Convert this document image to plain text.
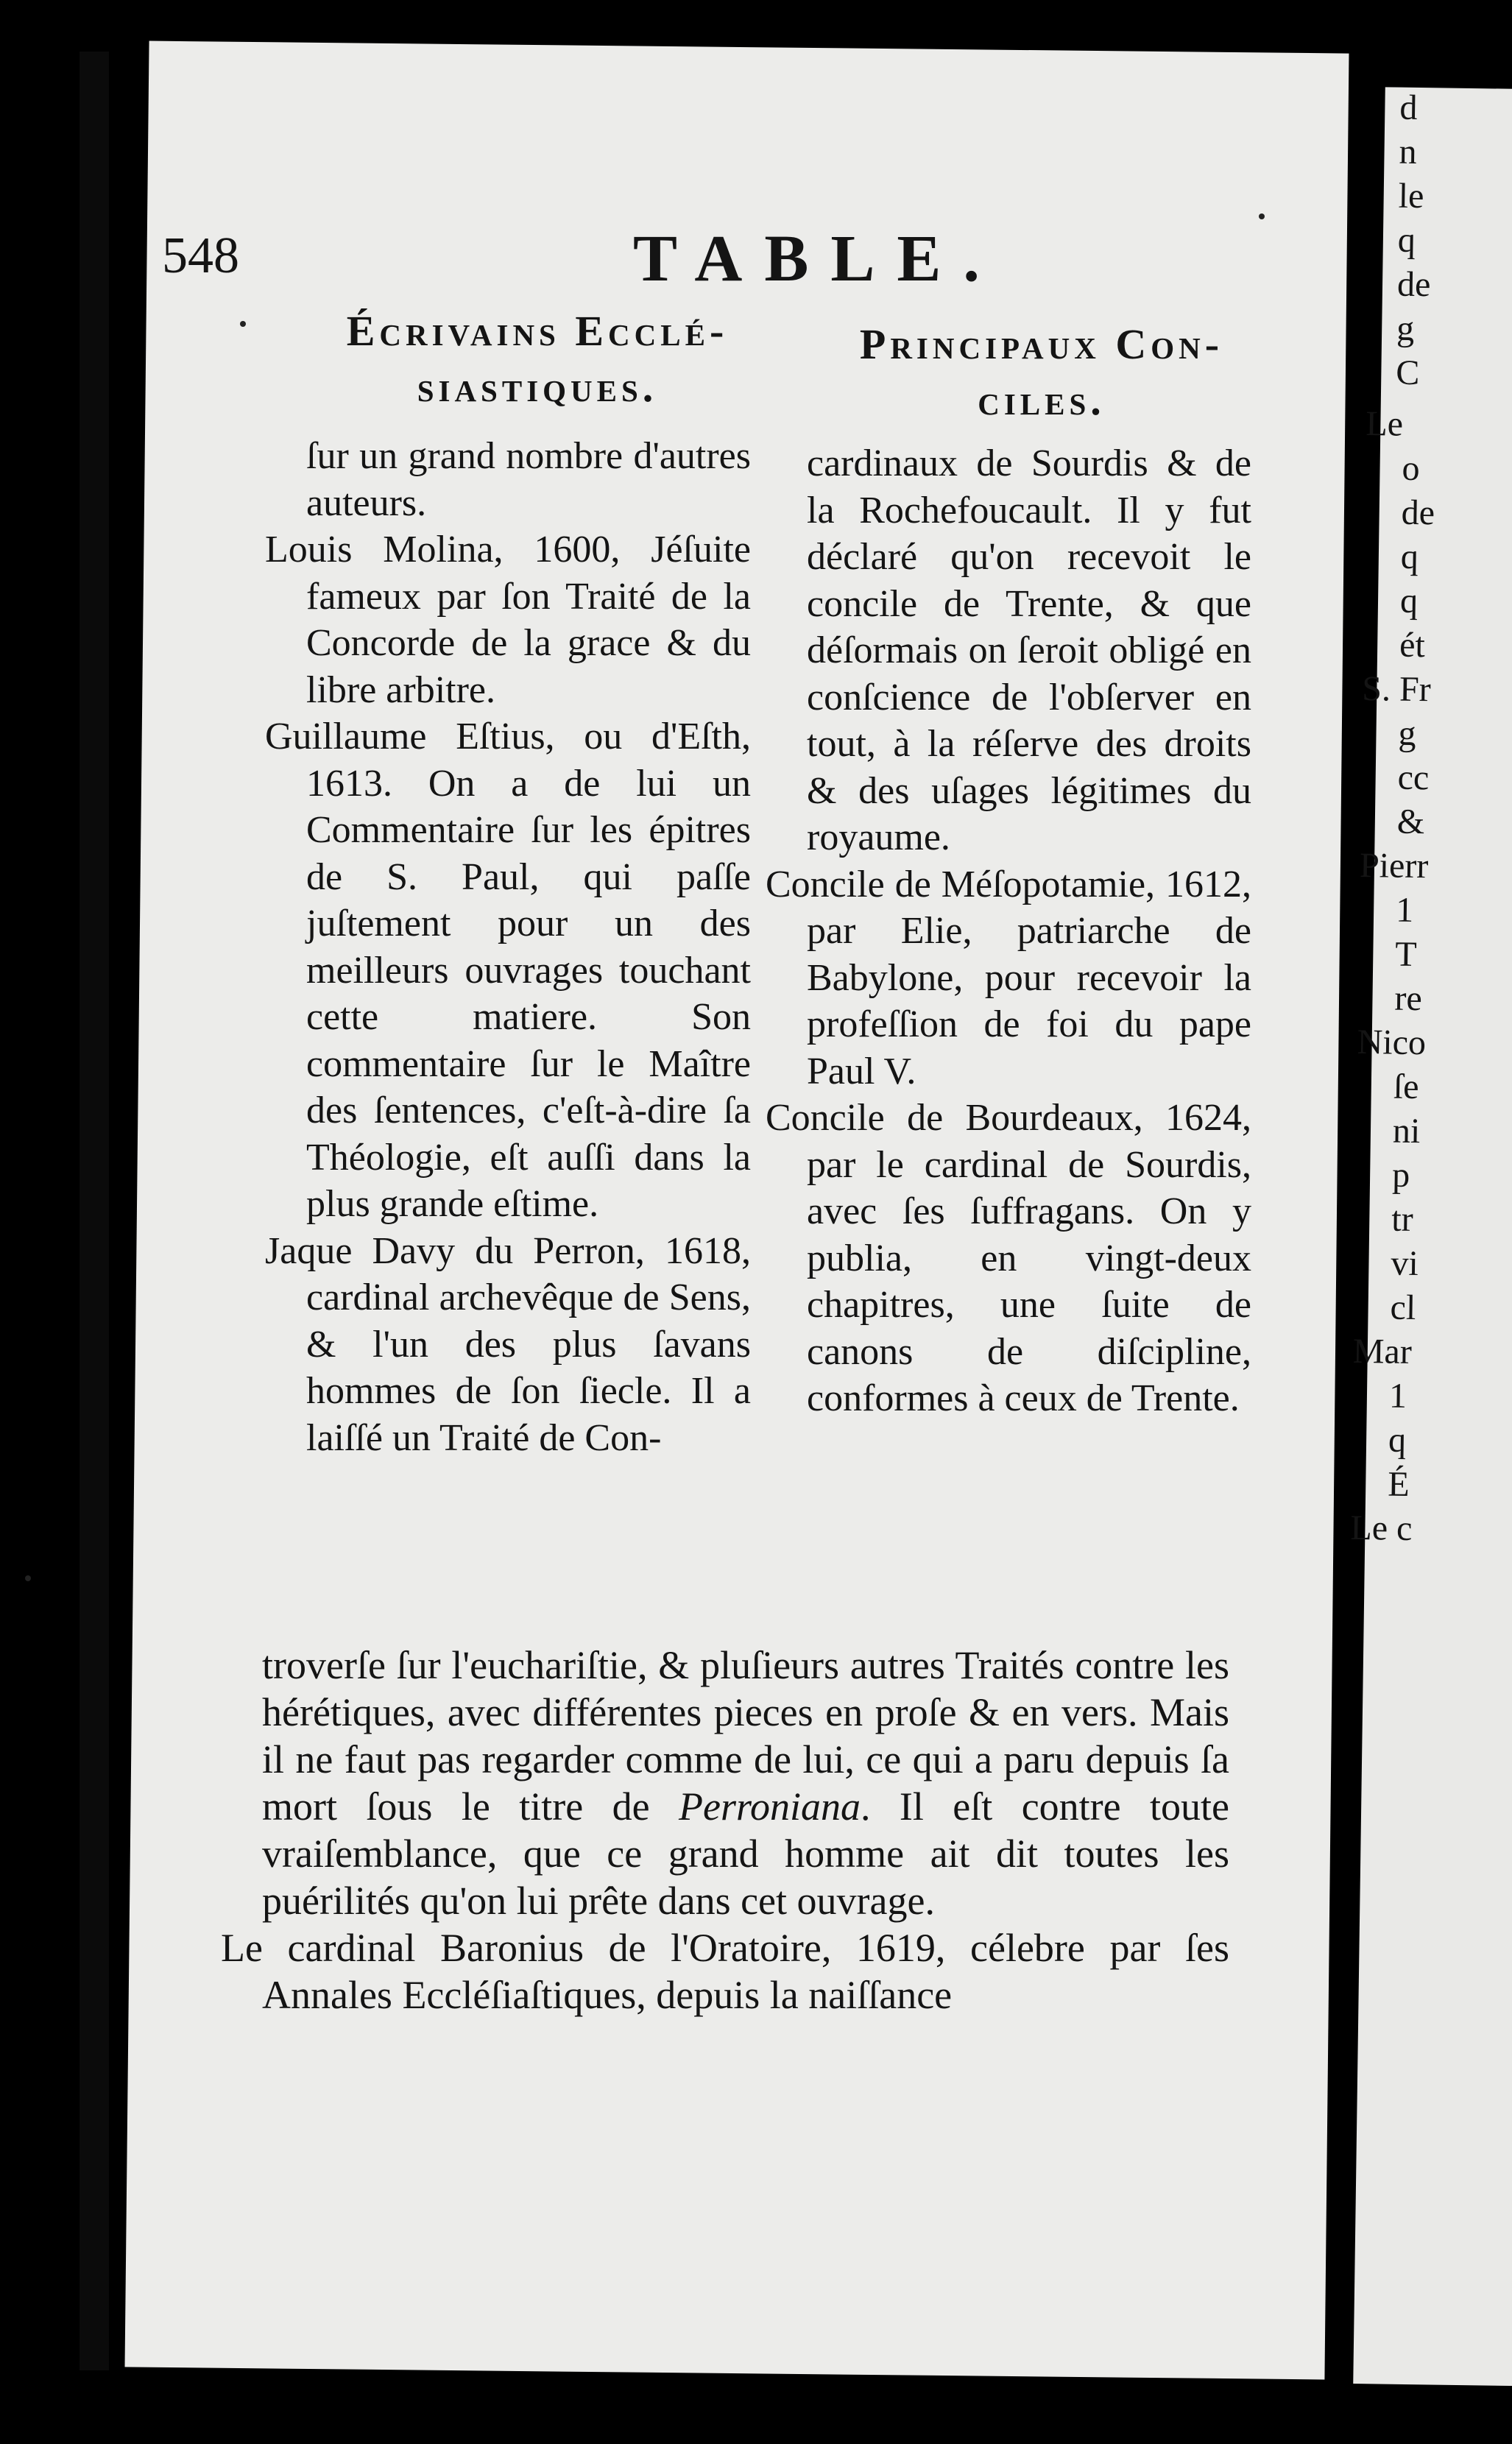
d
n
le
q
de
g
C
Le
o
de
q
q
ét
S. Fr
g
cc
&
Pierr
1
T
re
Nico
ſe
ni
p
tr
vi
cl
Mar
1
q
É
Le c
548	TABLE.
Écrivains Ecclé- siastiques.
Principaux Con- ciles.

ſur un grand nombre d'autres auteurs.

Louis Molina, 1600, Jéſuite fameux par ſon Traité de la Concorde de la grace & du libre arbitre.

Guillaume Eſtius, ou d'Eſth, 1613. On a de lui un Commentaire ſur les épitres de S. Paul, qui paſſe juſtement pour un des meilleurs ouvrages touchant cette matiere. Son commentaire ſur le Maître des ſentences, c'eſt-à-dire ſa Théologie, eſt auſſi dans la plus grande eſtime.

Jaque Davy du Perron, 1618, cardinal archevêque de Sens, & l'un des plus ſavans hommes de ſon ſiecle. Il a laiſſé un Traité de Con-

cardinaux de Sourdis & de la Rochefoucault. Il y fut déclaré qu'on recevoit le concile de Trente, & que déſormais on ſeroit obligé en conſcience de l'obſerver en tout, à la réſerve des droits & des uſages légitimes du royaume.

Concile de Méſopotamie, 1612, par Elie, patriarche de Babylone, pour recevoir la profeſſion de foi du pape Paul V.

Concile de Bourdeaux, 1624, par le cardinal de Sourdis, avec ſes ſuffragans. On y publia, en vingt-deux chapitres, une ſuite de canons de diſcipline, conformes à ceux de Trente.

troverſe ſur l'euchariſtie, & pluſieurs autres Traités contre les hérétiques, avec différentes pieces en proſe & en vers. Mais il ne faut pas regarder comme de lui, ce qui a paru depuis ſa mort ſous le titre de Perroniana. Il eſt contre toute vraiſemblance, que ce grand homme ait dit toutes les puérilités qu'on lui prête dans cet ouvrage.

Le cardinal Baronius de l'Oratoire, 1619, célebre par ſes Annales Eccléſiaſtiques, depuis la naiſſance
